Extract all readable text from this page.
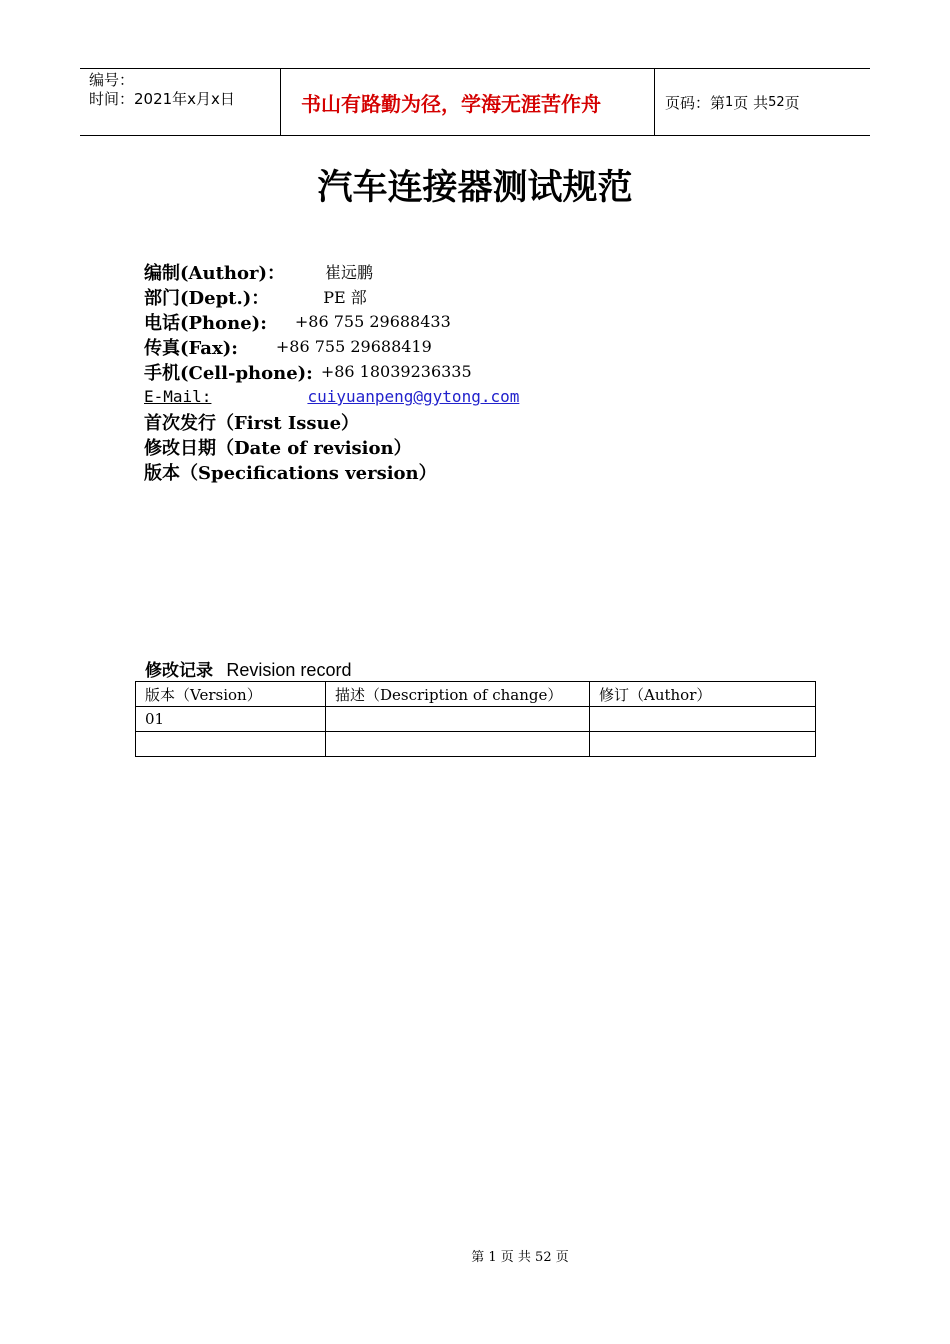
编号：
时间：2021年x月x日	书山有路勤为径，学海无涯苦作舟	页码：第 1 页 共 52 页
汽车连接器测试规范
编制(Author)：	崔远鹏
部门(Dept.)：	PE 部
电话(Phone): +86 755 29688433
传真(Fax): +86 755 29688419
手机(Cell-phone): +86 18039236335
E-Mail:	cuiyuanpeng@gytong.com
首次发行（First Issue）
修改日期（Date of revision）
版本（Specifications version）
修改记录 Revision record
版本（Version）	描述（Description of change）	修订（Author）
01		

第 1 页 共 52 页
